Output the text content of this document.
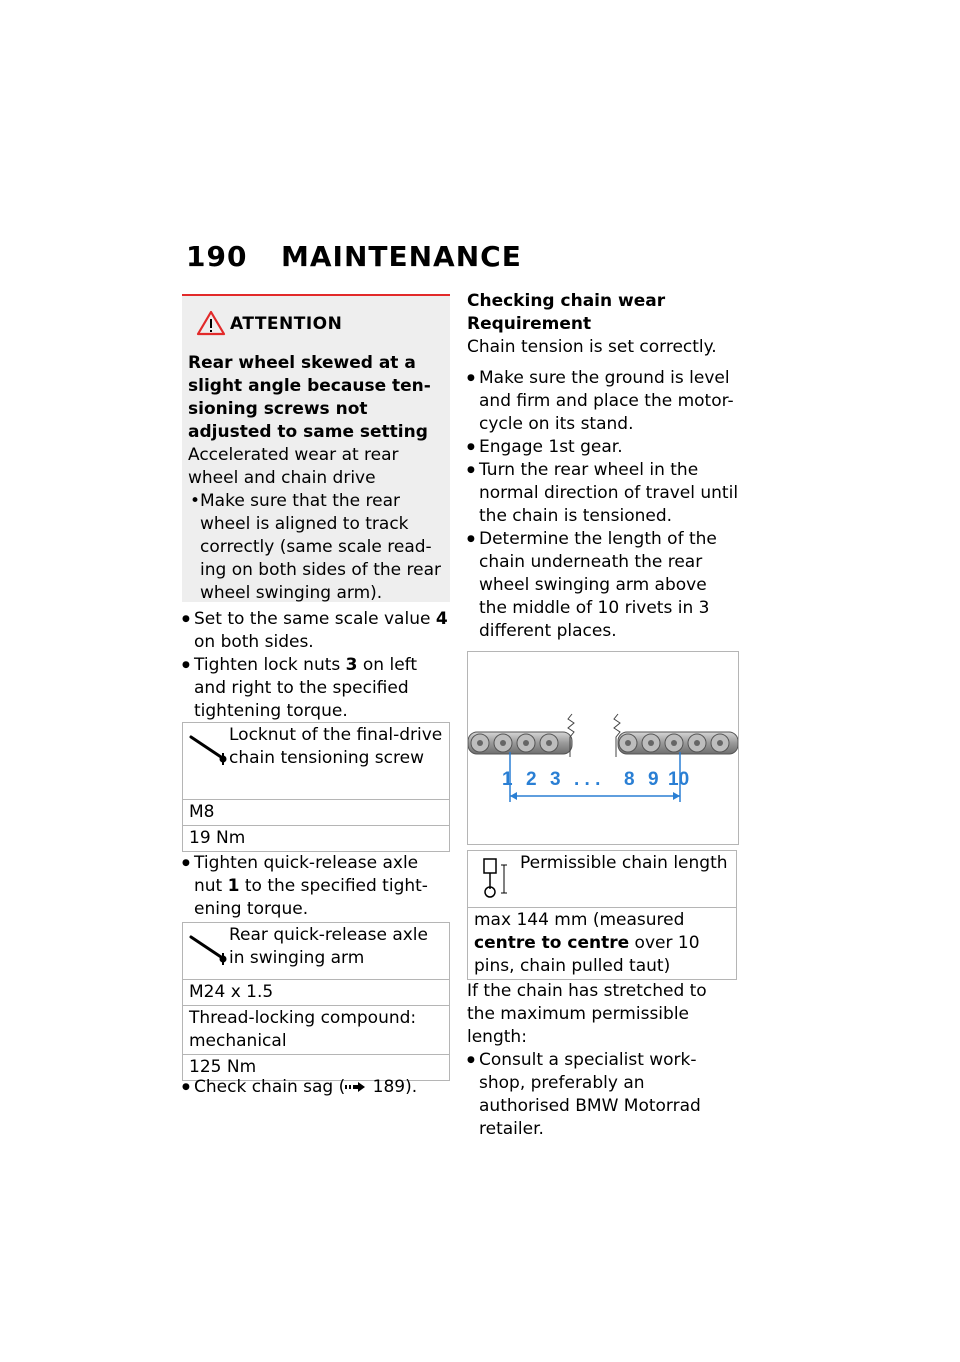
190 MAINTENANCE
ATTENTION

Rear wheel skewed at a slight angle because ten-sioning screws not adjusted to same setting

Accelerated wear at rear wheel and chain drive

• Make sure that the rear wheel is aligned to track correctly (same scale read-ing on both sides of the rear wheel swinging arm).
● Set to the same scale value 4 on both sides.
● Tighten lock nuts 3 on left and right to the specified tightening torque.
Locknut of the final-drive chain tensioning screw

M8
19 Nm
● Tighten quick-release axle nut 1 to the specified tight-ening torque.
Rear quick-release axle in swinging arm

M24 x 1.5
Thread-locking compound: mechanical
125 Nm
● Check chain sag ( 189).

Checking chain wear

Requirement

Chain tension is set correctly.

● Make sure the ground is level and firm and place the motor-cycle on its stand.
● Engage 1st gear.
● Turn the rear wheel in the normal direction of travel until the chain is tensioned.
● Determine the length of the chain underneath the rear wheel swinging arm above the middle of 10 rivets in 3 different places.
1 2 3 . . . 8 9 10
Permissible chain length

max 144 mm (measured centre to centre over 10 pins, chain pulled taut)

If the chain has stretched to the maximum permissible length:

● Consult a specialist work-shop, preferably an authorised BMW Motorrad retailer.
